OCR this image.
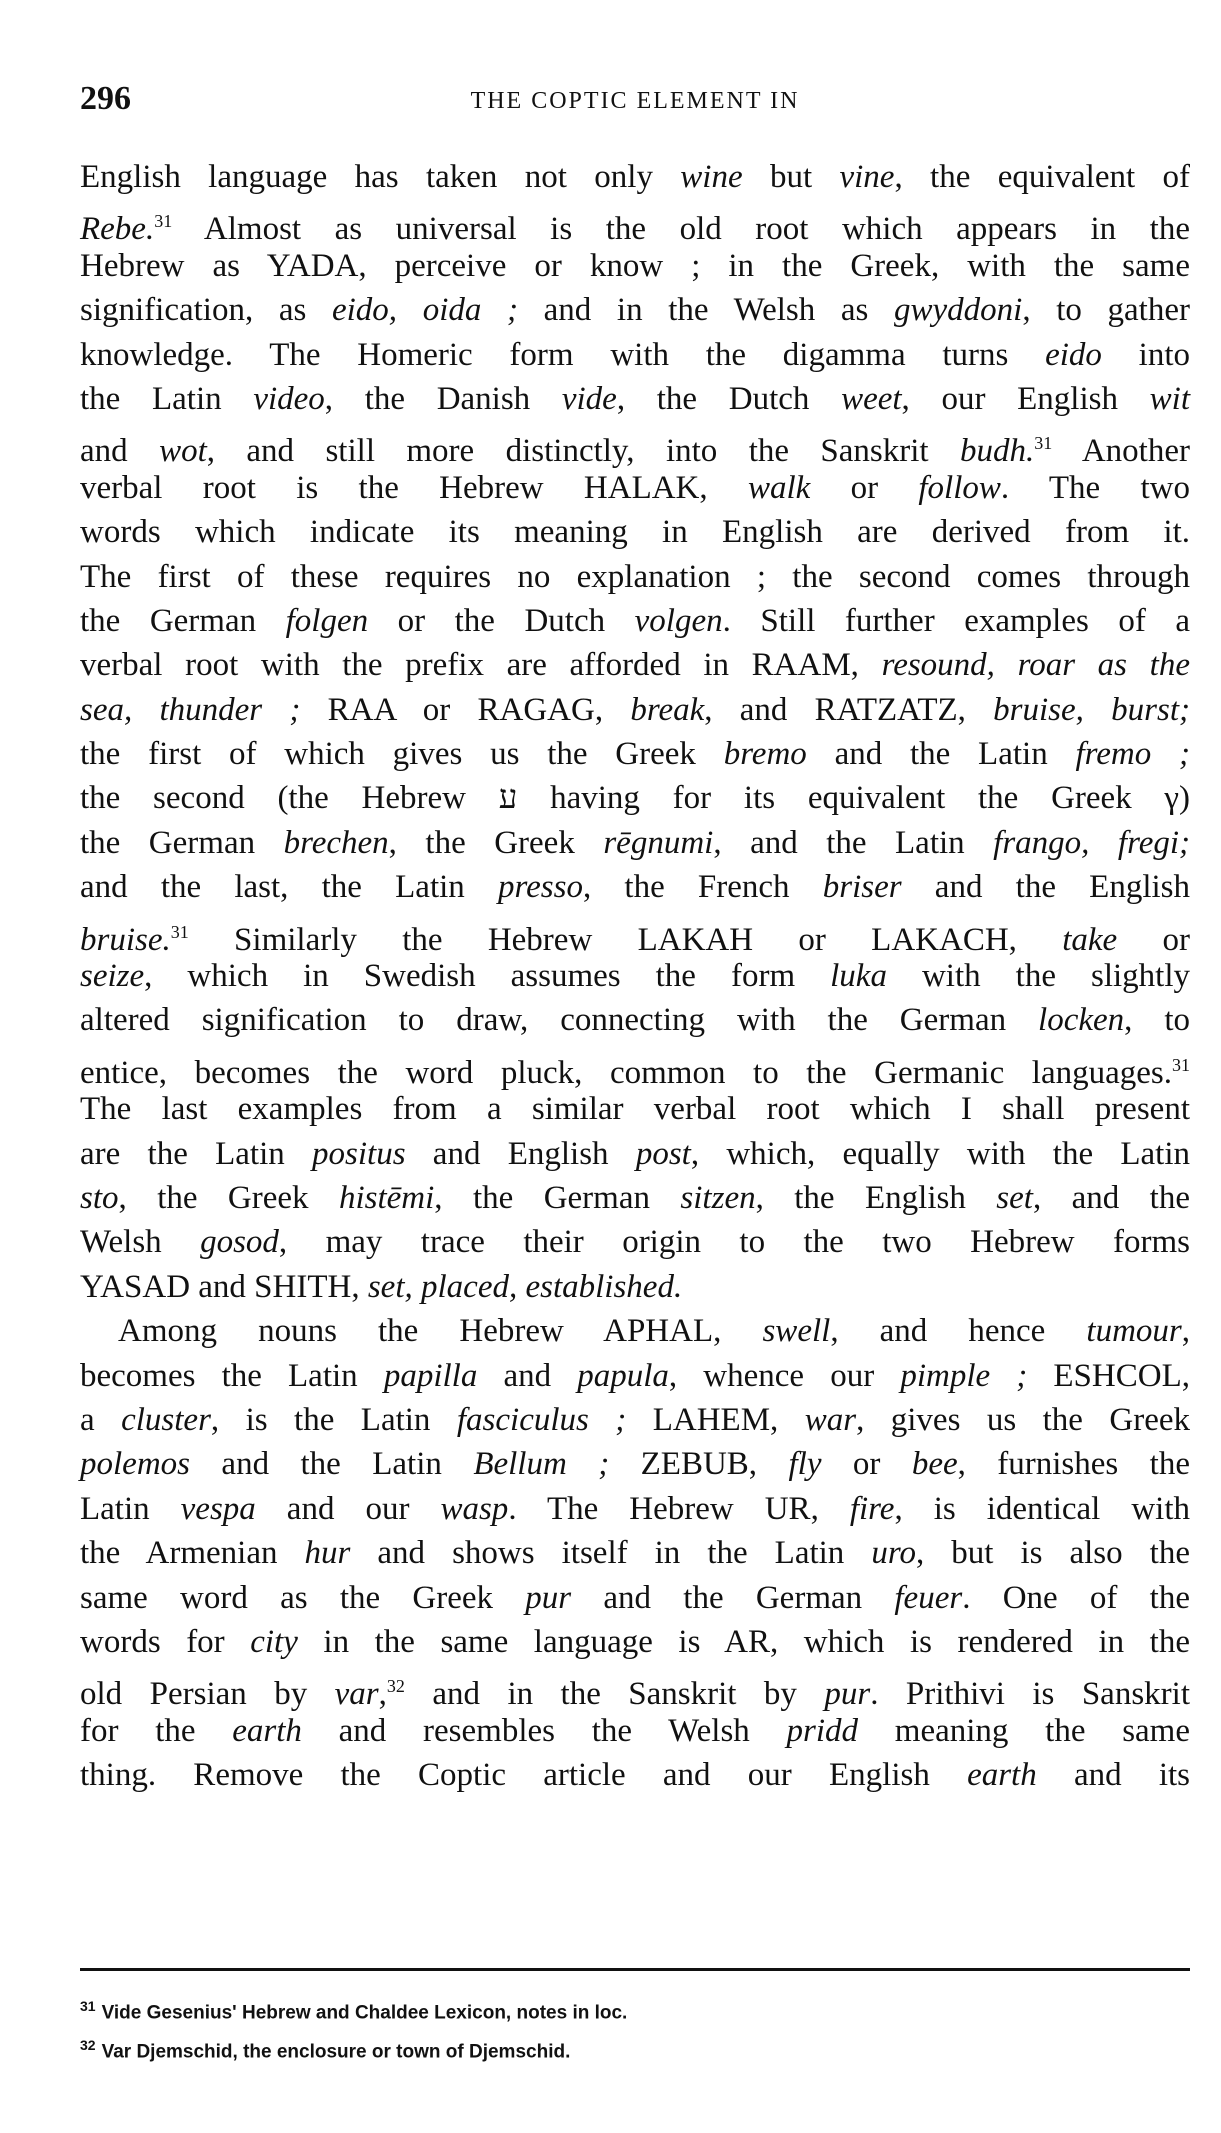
296	THE COPTIC ELEMENT IN
English language has taken not only wine but vine, the equivalent of
Rebe.$^{31}$ Almost as universal is the old root which appears in the
Hebrew as YADA, perceive or know ; in the Greek, with the same
signification, as eido, oida ; and in the Welsh as gwyddoni, to gather
knowledge. The Homeric form with the digamma turns eido into
the Latin video, the Danish vide, the Dutch weet, our English wit
and wot, and still more distinctly, into the Sanskrit budh.$^{31}$ Another
verbal root is the Hebrew HALAK, walk or follow. The two
words which indicate its meaning in English are derived from it.
The first of these requires no explanation ; the second comes through
the German folgen or the Dutch volgen. Still further examples of a
verbal root with the prefix are afforded in RAAM, resound, roar as the
sea, thunder ; RAA or RAGAG, break, and RATZATZ, bruise, burst;
the first of which gives us the Greek bremo and the Latin fremo ;
the second (the Hebrew ע having for its equivalent the Greek γ)
the German brechen, the Greek rēgnumi, and the Latin frango, fregi;
and the last, the Latin presso, the French briser and the English
bruise.$^{31}$ Similarly the Hebrew LAKAH or LAKACH, take or
seize, which in Swedish assumes the form luka with the slightly
altered signification to draw, connecting with the German locken, to
entice, becomes the word pluck, common to the Germanic languages.$^{31}$
The last examples from a similar verbal root which I shall present
are the Latin positus and English post, which, equally with the Latin
sto, the Greek histēmi, the German sitzen, the English set, and the
Welsh gosod, may trace their origin to the two Hebrew forms
YASAD and SHITH, set, placed, established.
Among nouns the Hebrew APHAL, swell, and hence tumour,
becomes the Latin papilla and papula, whence our pimple ; ESHCOL,
a cluster, is the Latin fasciculus ; LAHEM, war, gives us the Greek
polemos and the Latin Bellum ; ZEBUB, fly or bee, furnishes the
Latin vespa and our wasp. The Hebrew UR, fire, is identical with
the Armenian hur and shows itself in the Latin uro, but is also the
same word as the Greek pur and the German feuer. One of the
words for city in the same language is AR, which is rendered in the
old Persian by var,$^{32}$ and in the Sanskrit by pur. Prithivi is Sanskrit
for the earth and resembles the Welsh pridd meaning the same
thing. Remove the Coptic article and our English earth and its
$^{31}$ Vide Gesenius' Hebrew and Chaldee Lexicon, notes in loc.
$^{32}$ Var Djemschid, the enclosure or town of Djemschid.
